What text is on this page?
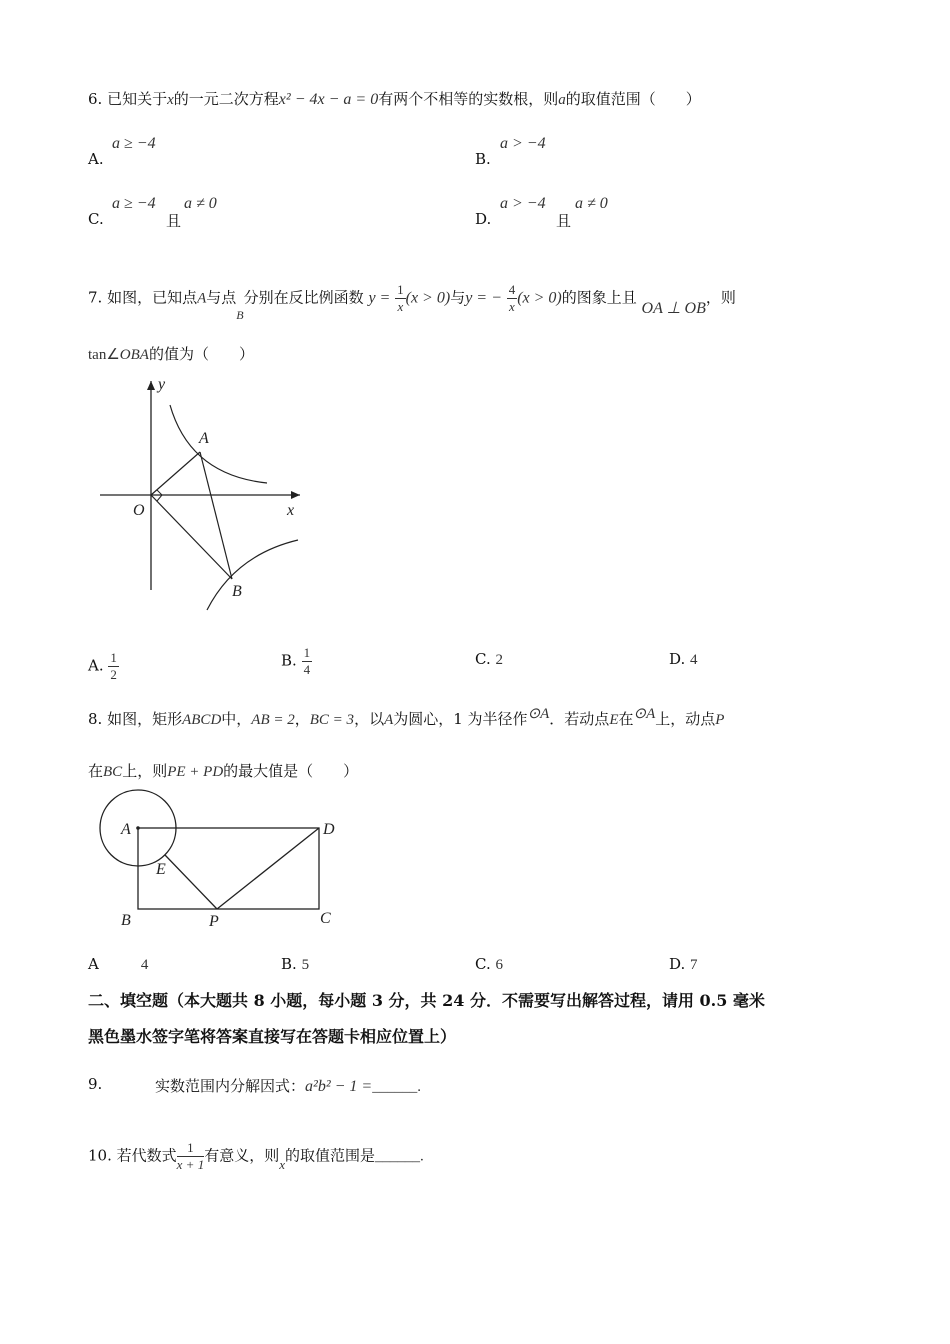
6. 已知关于x的一元二次方程x² − 4x − a = 0有两个不相等的实数根，则a的取值范围（　　）
A.
a ≥ −4
B.
a > −4
C.
a ≥ −4
且
a ≠ 0
D.
a > −4
且
a ≠ 0
7. 如图，已知点A与点$_B$分别在反比例函数 $y = \frac{1}{x} (x > 0)$与y = − $\frac{4}{x} (x > 0)$的图象上且 OA ⊥ OB，则
tan∠OBA的值为（　　）
y
x
O
A
B
A. $\frac{1}{2}$	B. $\frac{1}{4}$	C. 2	D. 4
8. 如图，矩形ABCD中，AB = 2，BC = 3，以A为圆心，1 为半径作⊙A．若动点E在⊙A上，动点P
在BC上，则PE + PD的最大值是（　　）
A	D
E
B	P	C
A	4	B. 5	C. 6	D. 7
二、填空题（本大题共 8 小题，每小题 3 分，共 24 分．不需要写出解答过程，请用 0.5 毫米
黑色墨水签字笔将答案直接写在答题卡相应位置上）
9.	实数范围内分解因式：a²b² − 1 =______.
10. 若代数式 $\frac{1}{x + 1}$ 有意义，则x的取值范围是______.
